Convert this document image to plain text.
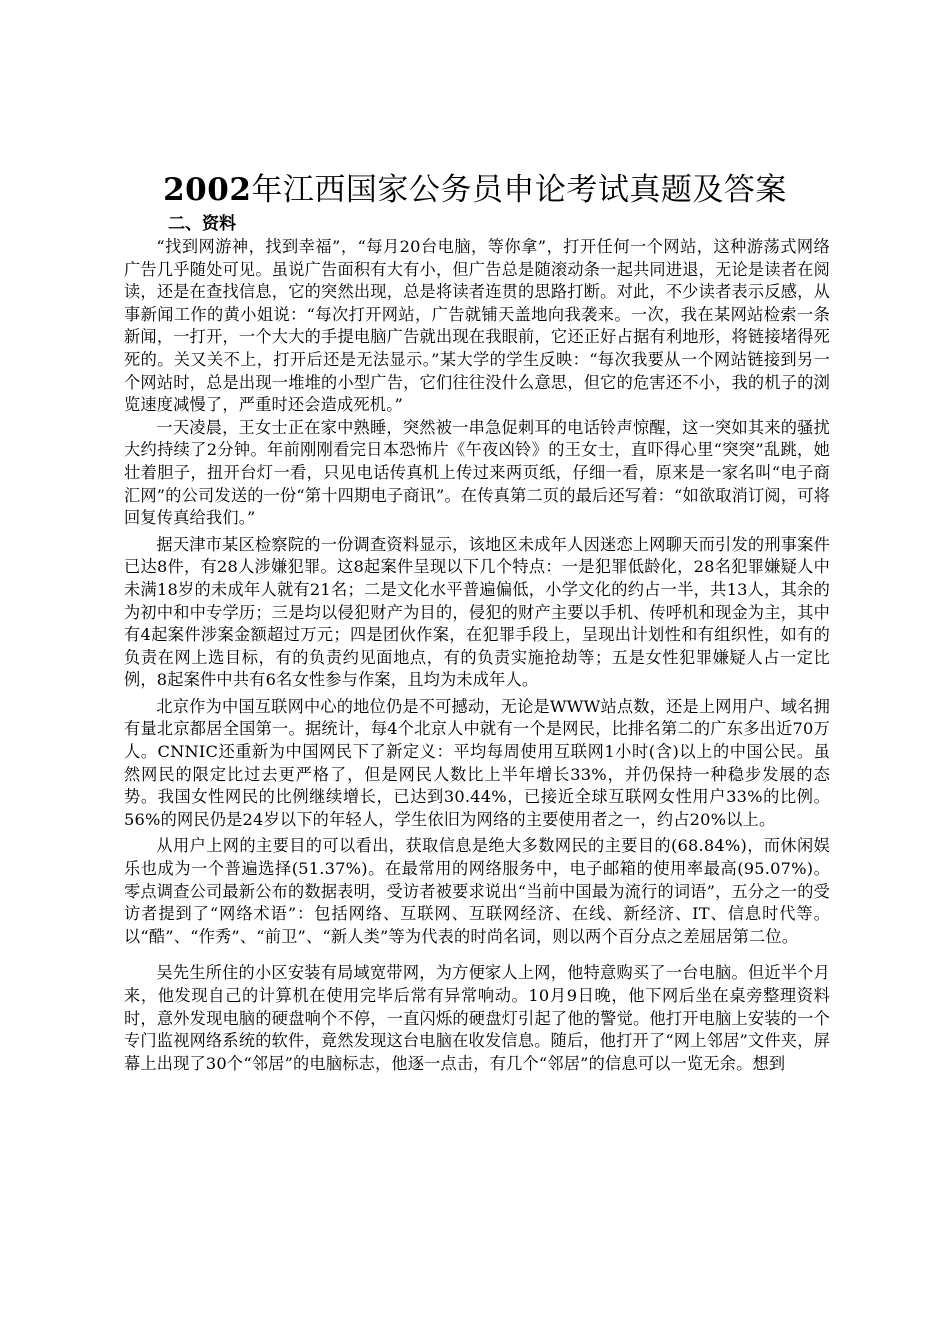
2002年江西国家公务员申论考试真题及答案
二、资料

“找到网游神，找到幸福”，“每月20台电脑，等你拿”，打开任何一个网站，这种游荡式网络广告几乎随处可见。虽说广告面积有大有小，但广告总是随滚动条一起共同进退，无论是读者在阅读，还是在查找信息，它的突然出现，总是将读者连贯的思路打断。对此，不少读者表示反感，从事新闻工作的黄小姐说：“每次打开网站，广告就铺天盖地向我袭来。一次，我在某网站检索一条新闻，一打开，一个大大的手提电脑广告就出现在我眼前，它还正好占据有利地形，将链接堵得死死的。关又关不上，打开后还是无法显示。”某大学的学生反映：“每次我要从一个网站链接到另一个网站时，总是出现一堆堆的小型广告，它们往往没什么意思，但它的危害还不小，我的机子的浏览速度减慢了，严重时还会造成死机。”

一天凌晨，王女士正在家中熟睡，突然被一串急促刺耳的电话铃声惊醒，这一突如其来的骚扰大约持续了2分钟。年前刚刚看完日本恐怖片《午夜凶铃》的王女士，直吓得心里“突突”乱跳，她壮着胆子，扭开台灯一看，只见电话传真机上传过来两页纸，仔细一看，原来是一家名叫“电子商汇网”的公司发送的一份“第十四期电子商讯”。在传真第二页的最后还写着：“如欲取消订阅，可将回复传真给我们。”

据天津市某区检察院的一份调查资料显示，该地区未成年人因迷恋上网聊天而引发的刑事案件已达8件，有28人涉嫌犯罪。这8起案件呈现以下几个特点：一是犯罪低龄化，28名犯罪嫌疑人中未满18岁的未成年人就有21名；二是文化水平普遍偏低，小学文化的约占一半，共13人，其余的为初中和中专学历；三是均以侵犯财产为目的，侵犯的财产主要以手机、传呼机和现金为主，其中有4起案件涉案金额超过万元；四是团伙作案，在犯罪手段上，呈现出计划性和有组织性，如有的负责在网上选目标，有的负责约见面地点，有的负责实施抢劫等；五是女性犯罪嫌疑人占一定比例，8起案件中共有6名女性参与作案，且均为未成年人。

北京作为中国互联网中心的地位仍是不可撼动，无论是WWW站点数，还是上网用户、域名拥有量北京都居全国第一。据统计，每4个北京人中就有一个是网民，比排名第二的广东多出近70万人。CNNIC还重新为中国网民下了新定义：平均每周使用互联网1小时(含)以上的中国公民。虽然网民的限定比过去更严格了，但是网民人数比上半年增长33%，并仍保持一种稳步发展的态势。我国女性网民的比例继续增长，已达到30.44%，已接近全球互联网女性用户33%的比例。56%的网民仍是24岁以下的年轻人，学生依旧为网络的主要使用者之一，约占20%以上。

从用户上网的主要目的可以看出，获取信息是绝大多数网民的主要目的(68.84%)，而休闲娱乐也成为一个普遍选择(51.37%)。在最常用的网络服务中，电子邮箱的使用率最高(95.07%)。零点调查公司最新公布的数据表明，受访者被要求说出“当前中国最为流行的词语”，五分之一的受访者提到了“网络术语”：包括网络、互联网、互联网经济、在线、新经济、IT、信息时代等。以“酷”、“作秀”、“前卫”、“新人类”等为代表的时尚名词，则以两个百分点之差屈居第二位。

吴先生所住的小区安装有局域宽带网，为方便家人上网，他特意购买了一台电脑。但近半个月来，他发现自己的计算机在使用完毕后常有异常响动。10月9日晚，他下网后坐在桌旁整理资料时，意外发现电脑的硬盘响个不停，一直闪烁的硬盘灯引起了他的警觉。他打开电脑上安装的一个专门监视网络系统的软件，竟然发现这台电脑在收发信息。随后，他打开了“网上邻居”文件夹，屏幕上出现了30个“邻居”的电脑标志，他逐一点击，有几个“邻居”的信息可以一览无余。想到
